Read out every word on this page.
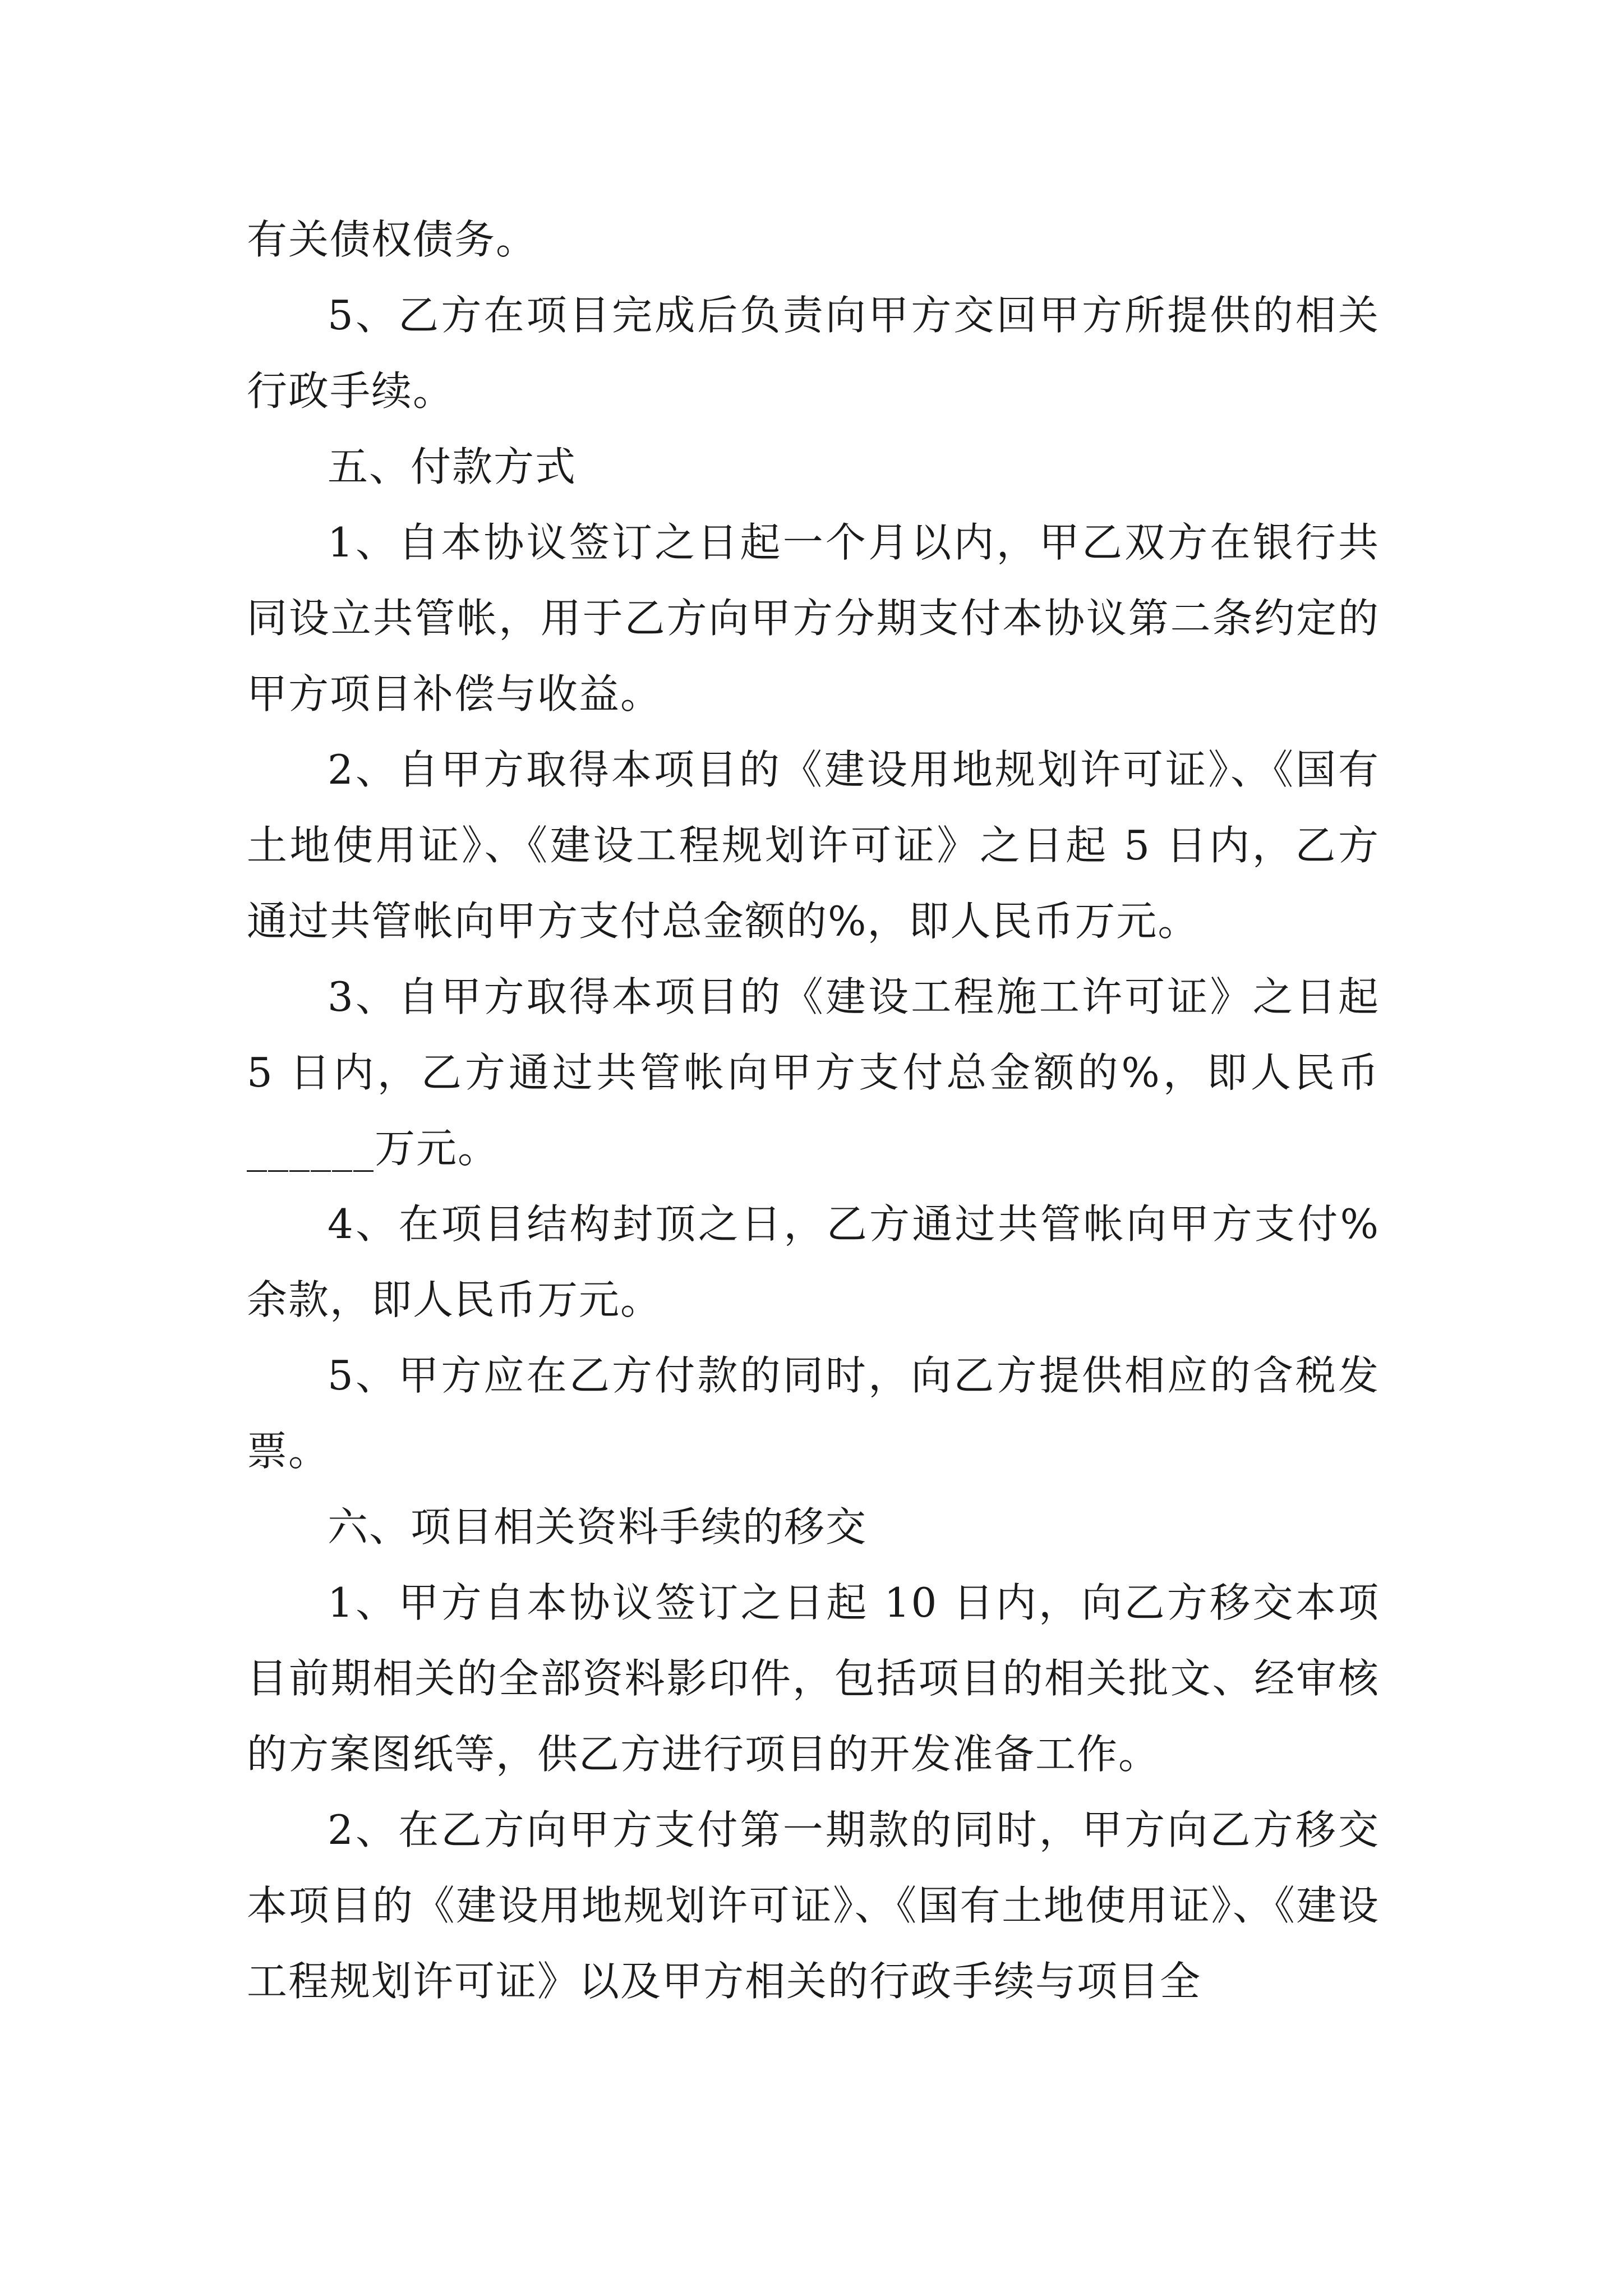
有关债权债务。

5、乙方在项目完成后负责向甲方交回甲方所提供的相关行政手续。

五、付款方式

1、自本协议签订之日起一个月以内，甲乙双方在银行共同设立共管帐，用于乙方向甲方分期支付本协议第二条约定的甲方项目补偿与收益。

2、自甲方取得本项目的《建设用地规划许可证》、《国有土地使用证》、《建设工程规划许可证》之日起 5 日内，乙方通过共管帐向甲方支付总金额的%，即人民币万元。

3、自甲方取得本项目的《建设工程施工许可证》之日起 5 日内，乙方通过共管帐向甲方支付总金额的%，即人民币______万元。

4、在项目结构封顶之日，乙方通过共管帐向甲方支付%余款，即人民币万元。

5、甲方应在乙方付款的同时，向乙方提供相应的含税发票。

六、项目相关资料手续的移交

1、甲方自本协议签订之日起 10 日内，向乙方移交本项目前期相关的全部资料影印件，包括项目的相关批文、经审核的方案图纸等，供乙方进行项目的开发准备工作。

2、在乙方向甲方支付第一期款的同时，甲方向乙方移交本项目的《建设用地规划许可证》、《国有土地使用证》、《建设工程规划许可证》以及甲方相关的行政手续与项目全
